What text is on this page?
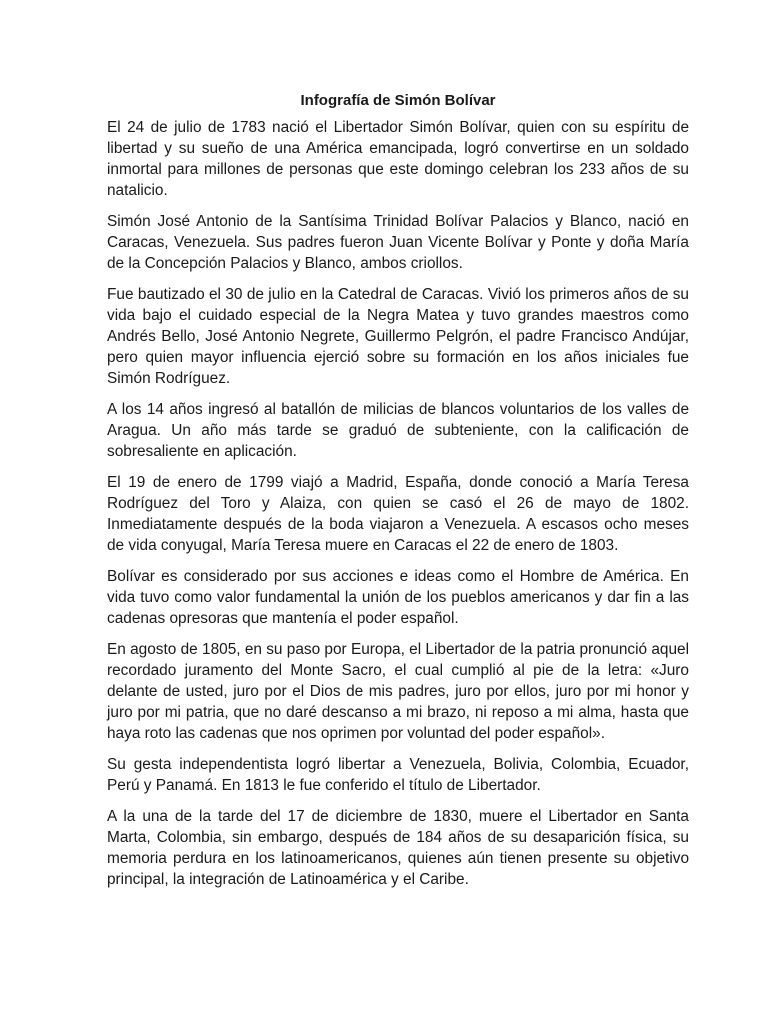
Infografía de Simón Bolívar

El 24 de julio de 1783 nació el Libertador Simón Bolívar, quien con su espíritu de libertad y su sueño de una América emancipada, logró convertirse en un soldado inmortal para millones de personas que este domingo celebran los 233 años de su natalicio.

Simón José Antonio de la Santísima Trinidad Bolívar Palacios y Blanco, nació en Caracas, Venezuela. Sus padres fueron Juan Vicente Bolívar y Ponte y doña María de la Concepción Palacios y Blanco, ambos criollos.

Fue bautizado el 30 de julio en la Catedral de Caracas. Vivió los primeros años de su vida bajo el cuidado especial de la Negra Matea y tuvo grandes maestros como Andrés Bello, José Antonio Negrete, Guillermo Pelgrón, el padre Francisco Andújar, pero quien mayor influencia ejerció sobre su formación en los años iniciales fue Simón Rodríguez.

A los 14 años ingresó al batallón de milicias de blancos voluntarios de los valles de Aragua. Un año más tarde se graduó de subteniente, con la calificación de sobresaliente en aplicación.

El 19 de enero de 1799 viajó a Madrid, España, donde conoció a María Teresa Rodríguez del Toro y Alaiza, con quien se casó el 26 de mayo de 1802. Inmediatamente después de la boda viajaron a Venezuela. A escasos ocho meses de vida conyugal, María Teresa muere en Caracas el 22 de enero de 1803.

Bolívar es considerado por sus acciones e ideas como el Hombre de América. En vida tuvo como valor fundamental la unión de los pueblos americanos y dar fin a las cadenas opresoras que mantenía el poder español.

En agosto de 1805, en su paso por Europa, el Libertador de la patria pronunció aquel recordado juramento del Monte Sacro, el cual cumplió al pie de la letra: «Juro delante de usted, juro por el Dios de mis padres, juro por ellos, juro por mi honor y juro por mi patria, que no daré descanso a mi brazo, ni reposo a mi alma, hasta que haya roto las cadenas que nos oprimen por voluntad del poder español».

Su gesta independentista logró libertar a Venezuela, Bolivia, Colombia, Ecuador, Perú y Panamá. En 1813 le fue conferido el título de Libertador.

A la una de la tarde del 17 de diciembre de 1830, muere el Libertador en Santa Marta, Colombia, sin embargo, después de 184 años de su desaparición física, su memoria perdura en los latinoamericanos, quienes aún tienen presente su objetivo principal, la integración de Latinoamérica y el Caribe.
